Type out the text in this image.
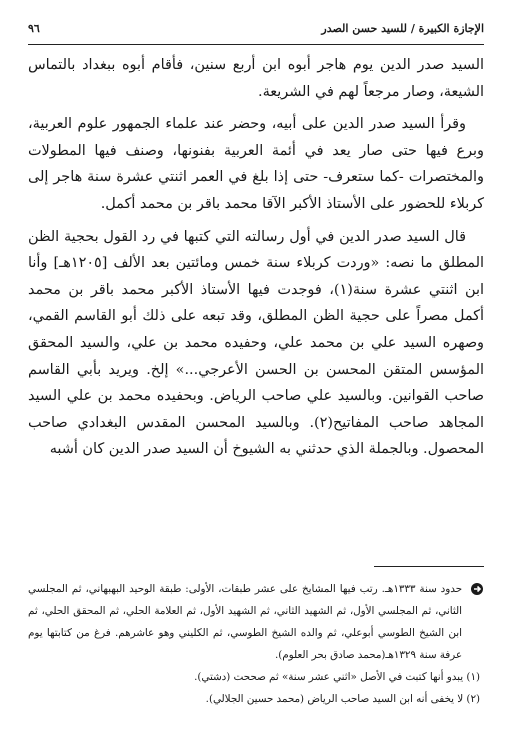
٩٦	الإجازة الكبيرة / للسيد حسن الصدر

السيد صدر الدين يوم هاجر أبوه ابن أربع سنين، فأقام أبوه ببغداد بالتماس الشيعة، وصار مرجعاً لهم في الشريعة.

وقرأ السيد صدر الدين على أبيه، وحضر عند علماء الجمهور علوم العربية، وبرع فيها حتى صار يعد في أئمة العربية بفنونها، وصنف فيها المطولات والمختصرات -كما ستعرف- حتى إذا بلغ في العمر اثنتي عشرة سنة هاجر إلى كربلاء للحضور على الأستاذ الأكبر الآقا محمد باقر بن محمد أكمل.

قال السيد صدر الدين في أول رسالته التي كتبها في رد القول بحجية الظن المطلق ما نصه: «وردت كربلاء سنة خمس ومائتين بعد الألف [١٢٠٥هـ] وأنا ابن اثنتي عشرة سنة(١)، فوجدت فيها الأستاذ الأكبر محمد باقر بن محمد أكمل مصراً على حجية الظن المطلق، وقد تبعه على ذلك أبو القاسم القمي، وصهره السيد علي بن محمد علي، وحفيده محمد بن علي، والسيد المحقق المؤسس المتقن المحسن بن الحسن الأعرجي...» إلخ. ويريد بأبي القاسم صاحب القوانين. وبالسيد علي صاحب الرياض. وبحفيده محمد بن علي السيد المجاهد صاحب المفاتيح(٢). وبالسيد المحسن المقدس البغدادي صاحب المحصول. وبالجملة الذي حدثني به الشيوخ أن السيد صدر الدين كان أشبه

حدود سنة ١٣٣٣هـ. رتب فيها المشايخ على عشر طبقات، الأولى: طبقة الوحيد البهبهاني، ثم المجلسي الثاني، ثم المجلسي الأول، ثم الشهيد الثاني، ثم الشهيد الأول، ثم العلامة الحلي، ثم المحقق الحلي، ثم ابن الشيخ الطوسي أبوعلي، ثم والده الشيخ الطوسي، ثم الكليني وهو عاشرهم. فرغ من كتابتها يوم عرفة سنة ١٣٢٩هـ(محمد صادق بحر العلوم).

(١) يبدو أنها كتبت في الأصل «اثني عشر سنة» ثم صححت (دشتي).

(٢) لا يخفى أنه ابن السيد صاحب الرياض (محمد حسين الجلالي).
